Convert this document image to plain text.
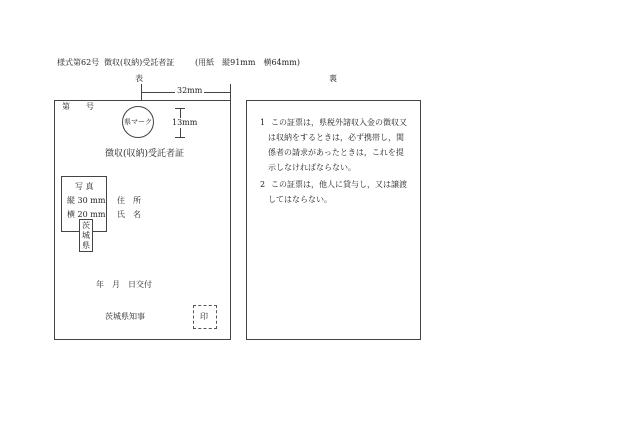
様式第62号 徴収(収納)受託者証	(用紙　縦91mm　横64mm)
表	裏
32mm
第　　号
県マーク	13mm
徴収(収納)受託者証
写 真
縦 30 mm
横 20 mm
茨
城
県
住　所
氏　名
年　月　日交付
茨城県知事	印
1 この証票は，県税外諸収入金の徴収又
は収納をするときは，必ず携帯し，関
係者の請求があったときは，これを提
示しなければならない。
2 この証票は，他人に貸与し，又は譲渡
してはならない。
